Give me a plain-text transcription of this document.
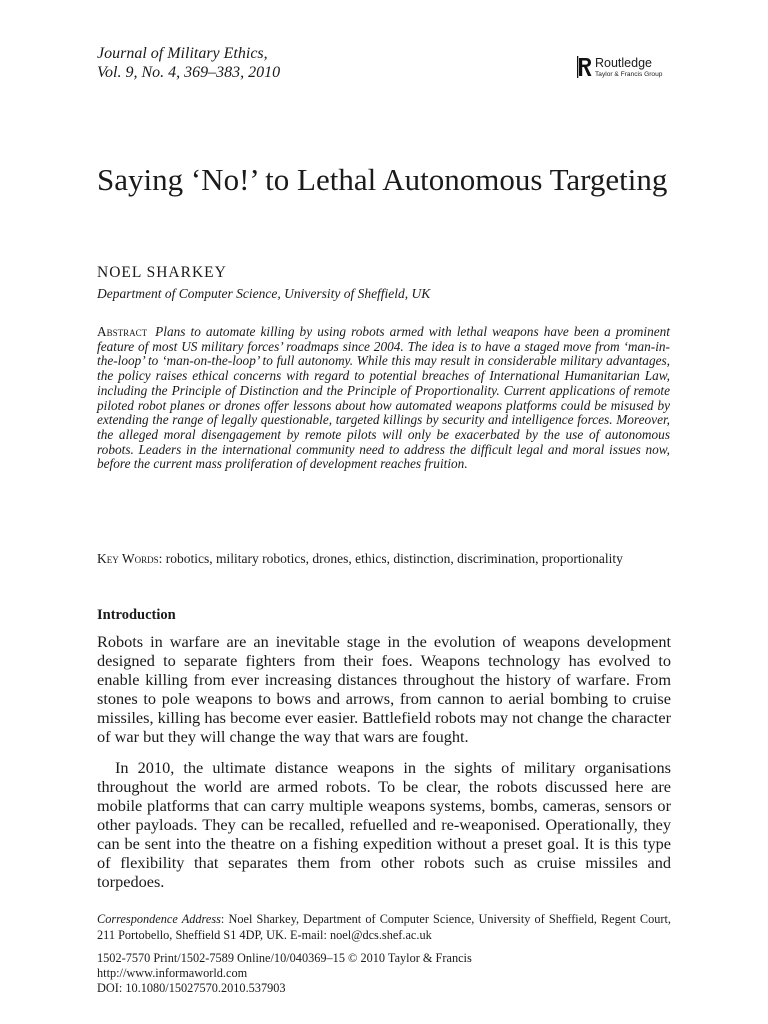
Journal of Military Ethics,
Vol. 9, No. 4, 369–383, 2010
Routledge
Taylor & Francis Group
Saying ‘No!’ to Lethal Autonomous Targeting
NOEL SHARKEY
Department of Computer Science, University of Sheffield, UK
Abstract Plans to automate killing by using robots armed with lethal weapons have been a prominent feature of most US military forces’ roadmaps since 2004. The idea is to have a staged move from ‘man-in-the-loop’ to ‘man-on-the-loop’ to full autonomy. While this may result in considerable military advantages, the policy raises ethical concerns with regard to potential breaches of International Humanitarian Law, including the Principle of Distinction and the Principle of Proportionality. Current applications of remote piloted robot planes or drones offer lessons about how automated weapons platforms could be misused by extending the range of legally questionable, targeted killings by security and intelligence forces. Moreover, the alleged moral disengagement by remote pilots will only be exacerbated by the use of autonomous robots. Leaders in the international community need to address the difficult legal and moral issues now, before the current mass proliferation of development reaches fruition.
Key Words: robotics, military robotics, drones, ethics, distinction, discrimination, proportionality
Introduction

Robots in warfare are an inevitable stage in the evolution of weapons development designed to separate fighters from their foes. Weapons technology has evolved to enable killing from ever increasing distances throughout the history of warfare. From stones to pole weapons to bows and arrows, from cannon to aerial bombing to cruise missiles, killing has become ever easier. Battlefield robots may not change the character of war but they will change the way that wars are fought.

In 2010, the ultimate distance weapons in the sights of military organisations throughout the world are armed robots. To be clear, the robots discussed here are mobile platforms that can carry multiple weapons systems, bombs, cameras, sensors or other payloads. They can be recalled, refuelled and re-weaponised. Operationally, they can be sent into the theatre on a fishing expedition without a preset goal. It is this type of flexibility that separates them from other robots such as cruise missiles and torpedoes.

Correspondence Address: Noel Sharkey, Department of Computer Science, University of Sheffield, Regent Court, 211 Portobello, Sheffield S1 4DP, UK. E-mail: noel@dcs.shef.ac.uk
1502-7570 Print/1502-7589 Online/10/040369–15 © 2010 Taylor & Francis
http://www.informaworld.com
DOI: 10.1080/15027570.2010.537903
